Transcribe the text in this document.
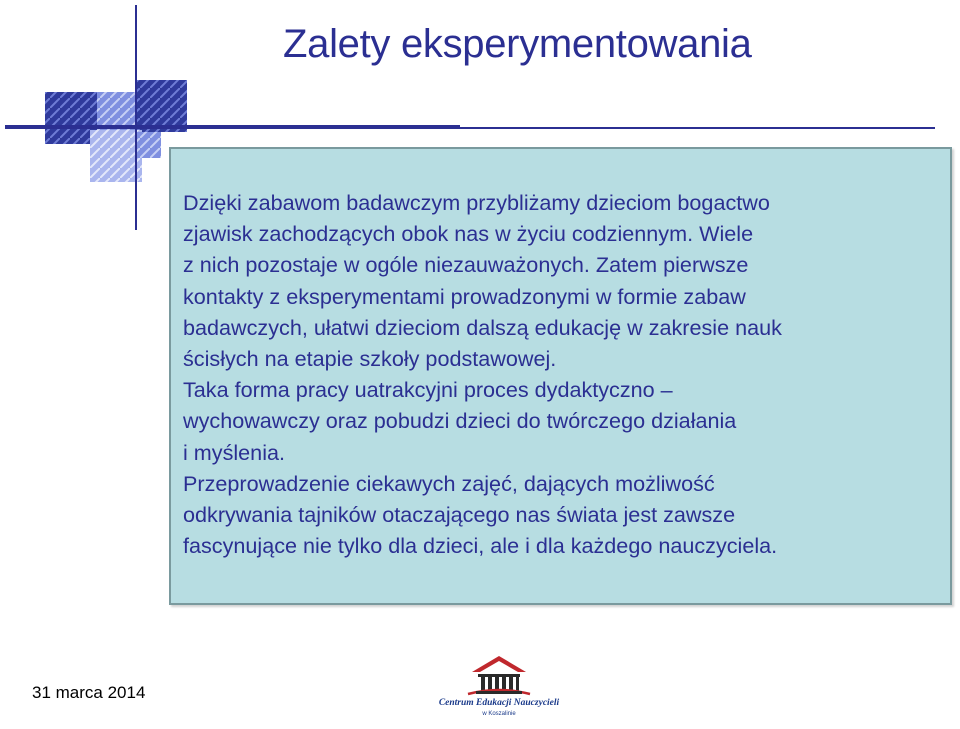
Zalety eksperymentowania
Dzięki zabawom badawczym przybliżamy dzieciom bogactwo
zjawisk zachodzących obok nas w życiu codziennym. Wiele
z nich pozostaje w ogóle niezauważonych. Zatem pierwsze
kontakty z eksperymentami prowadzonymi w formie zabaw
badawczych, ułatwi dzieciom dalszą edukację w zakresie nauk
ścisłych na etapie szkoły podstawowej.
Taka forma pracy uatrakcyjni proces dydaktyczno –
wychowawczy oraz pobudzi dzieci do twórczego działania
i myślenia.
Przeprowadzenie ciekawych zajęć, dających możliwość
odkrywania tajników otaczającego nas świata jest zawsze
fascynujące nie tylko dla dzieci, ale i dla każdego nauczyciela.
31 marca 2014
Centrum Edukacji Nauczycieli
w Koszalinie
